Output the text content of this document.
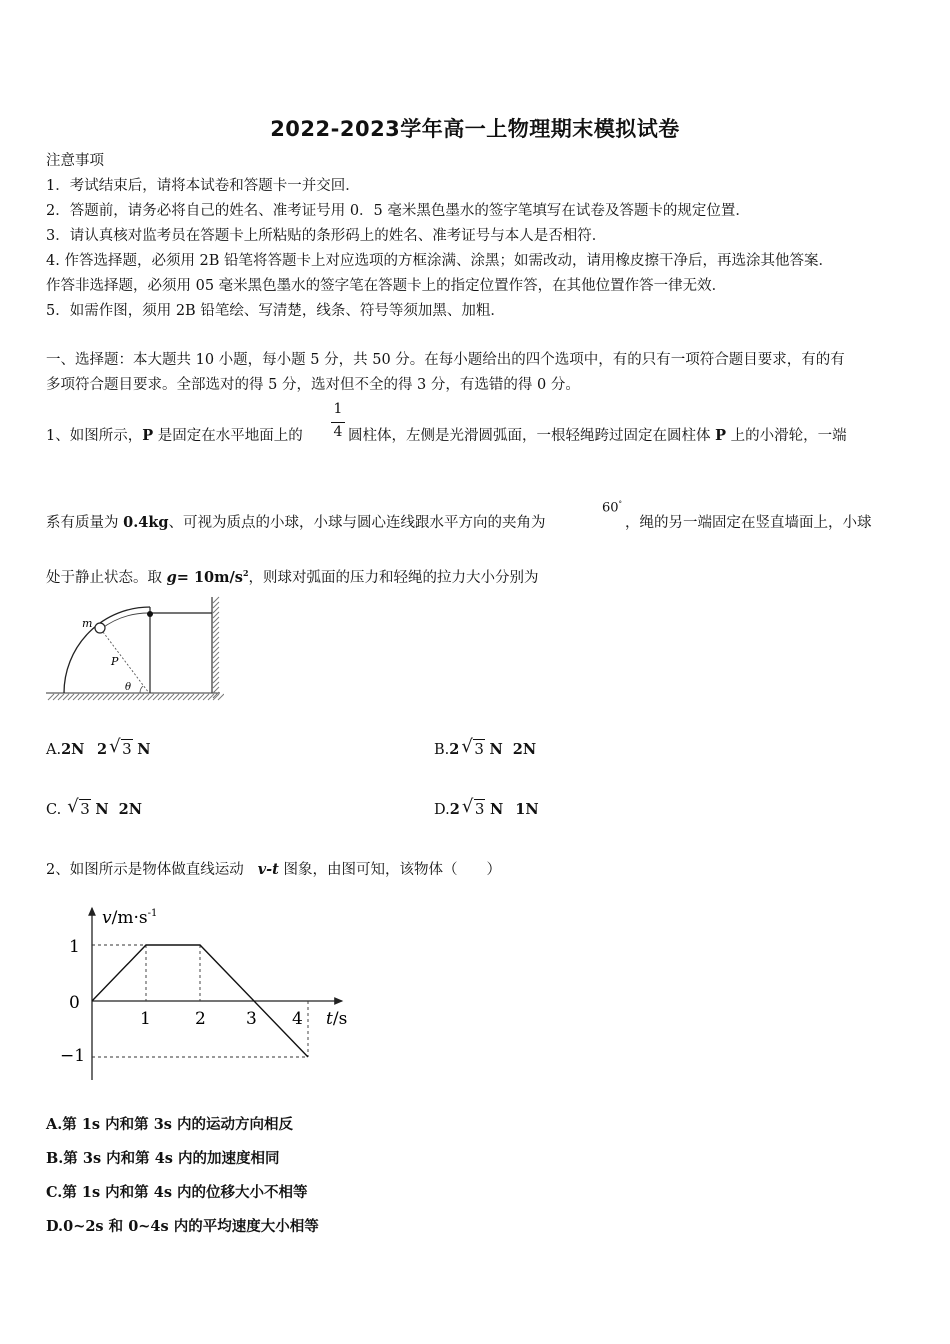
2022-2023学年高一上物理期末模拟试卷
注意事项
1．考试结束后，请将本试卷和答题卡一并交回．
2．答题前，请务必将自己的姓名、准考证号用 0．5 毫米黑色墨水的签字笔填写在试卷及答题卡的规定位置．
3．请认真核对监考员在答题卡上所粘贴的条形码上的姓名、准考证号与本人是否相符．
4. 作答选择题，必须用 2B 铅笔将答题卡上对应选项的方框涂满、涂黑；如需改动，请用橡皮擦干净后，再选涂其他答案．
作答非选择题，必须用 05 毫米黑色墨水的签字笔在答题卡上的指定位置作答，在其他位置作答一律无效．
5．如需作图，须用 2B 铅笔绘、写清楚，线条、符号等须加黑、加粗．
一、选择题：本大题共 10 小题，每小题 5 分，共 50 分。在每小题给出的四个选项中，有的只有一项符合题目要求，有的有
多项符合题目要求。全部选对的得 5 分，选对但不全的得 3 分，有选错的得 0 分。
1
4
1、如图所示，P 是固定在水平地面上的	圆柱体，左侧是光滑圆弧面，一根轻绳跨过固定在圆柱体 P 上的小滑轮，一端
60°
系有质量为 0.4kg、可视为质点的小球，小球与圆心连线跟水平方向的夹角为	，绳的另一端固定在竖直墙面上，小球
处于静止状态。取 $g= 10m/s^2$，则球对弧面的压力和轻绳的拉力大小分别为
m
P
θ
A.2N 2 √ 3 N	B.2 √ 3 N 2N
C. √ 3 N 2N	D.2 √ 3 N 1N
2、如图所示是物体做直线运动 v-t 图象，由图可知，该物体（　　）
$v/m\cdot s^{-1}$
t/s
1
0
−1
1	2 3 4
A.第 1s 内和第 3s 内的运动方向相反
B.第 3s 内和第 4s 内的加速度相同
C.第 1s 内和第 4s 内的位移大小不相等
D.0~2s 和 0~4s 内的平均速度大小相等
